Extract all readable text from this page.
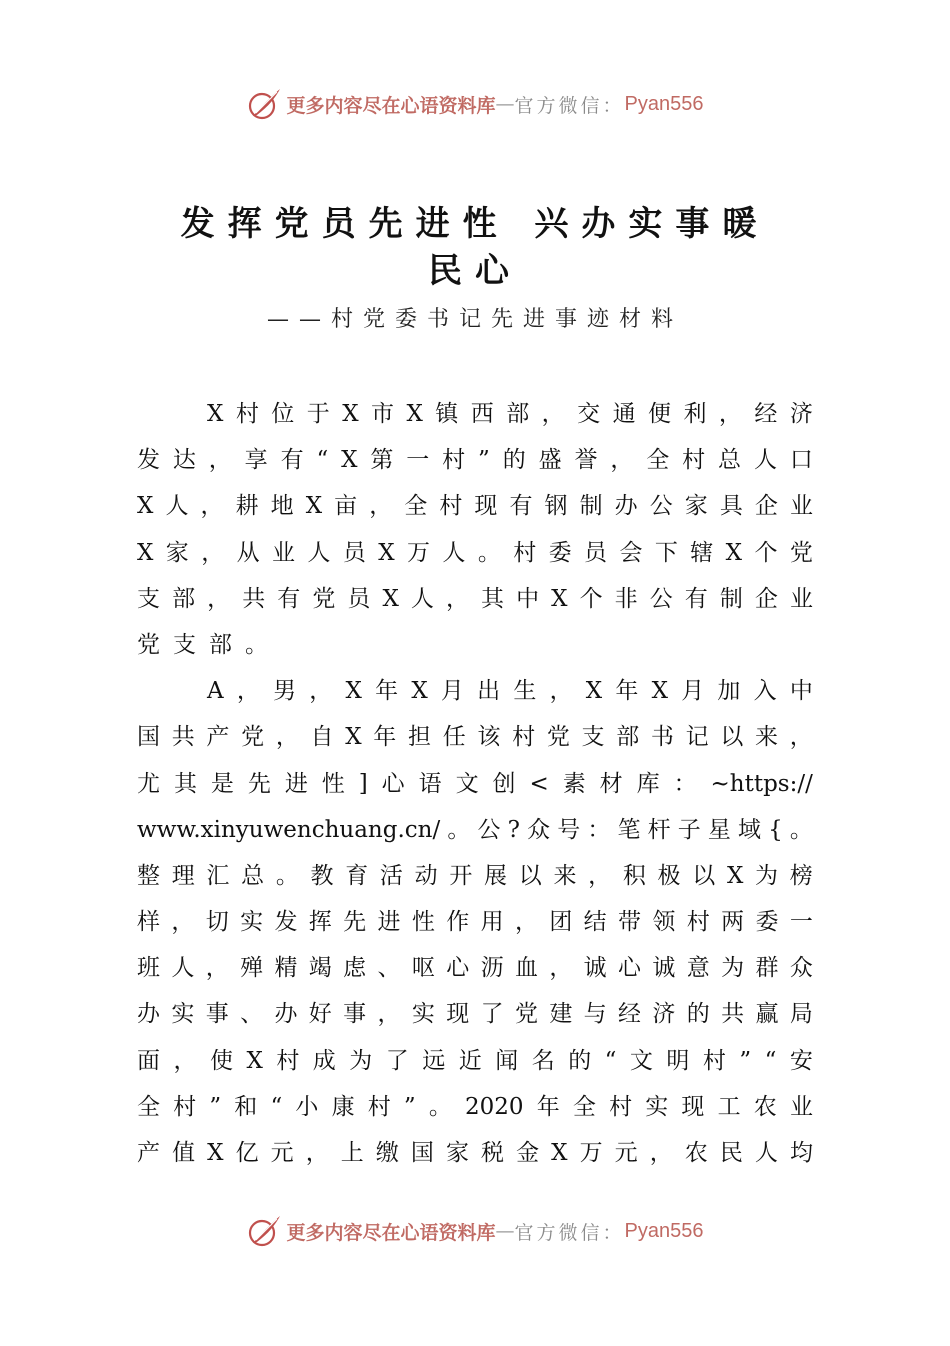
更多内容尽在心语资料库 — 官方微信： Pyan556
发挥党员先进性 兴办实事暖
民心

——村党委书记先进事迹材料

X 村 位 于 X 市 X 镇 西 部 ， 交 通 便 利 ， 经 济
发 达 ， 享 有 “ X 第 一 村 ” 的 盛 誉 ， 全 村 总 人 口
X 人 ， 耕 地 X 亩 ， 全 村 现 有 钢 制 办 公 家 具 企 业
X 家 ， 从 业 人 员 X 万 人 。 村 委 员 会 下 辖 X 个 党
支 部 ， 共 有 党 员 X 人 ， 其 中 X 个 非 公 有 制 企 业
党 支 部 。
A ， 男 ， X 年 X 月 出 生 ， X 年 X 月 加 入 中
国 共 产 党 ， 自 X 年 担 任 该 村 党 支 部 书 记 以 来 ，
尤 其 是 先 进 性 ] 心 语 文 创 < 素 材 库 ： ~https://
www.xinyuwenchuang.cn/ 。 公 ? 众 号 ： 笔 杆 子 星 域 { 。
整 理 汇 总 。 教 育 活 动 开 展 以 来 ， 积 极 以 X 为 榜
样 ， 切 实 发 挥 先 进 性 作 用 ， 团 结 带 领 村 两 委 一
班 人 ， 殚 精 竭 虑 、 呕 心 沥 血 ， 诚 心 诚 意 为 群 众
办 实 事 、 办 好 事 ， 实 现 了 党 建 与 经 济 的 共 赢 局
面 ， 使 X 村 成 为 了 远 近 闻 名 的 “ 文 明 村 ” “ 安
全 村 ” 和 “ 小 康 村 ” 。 2020 年 全 村 实 现 工 农 业
产 值 X 亿 元 ， 上 缴 国 家 税 金 X 万 元 ， 农 民 人 均
更多内容尽在心语资料库 — 官方微信： Pyan556
